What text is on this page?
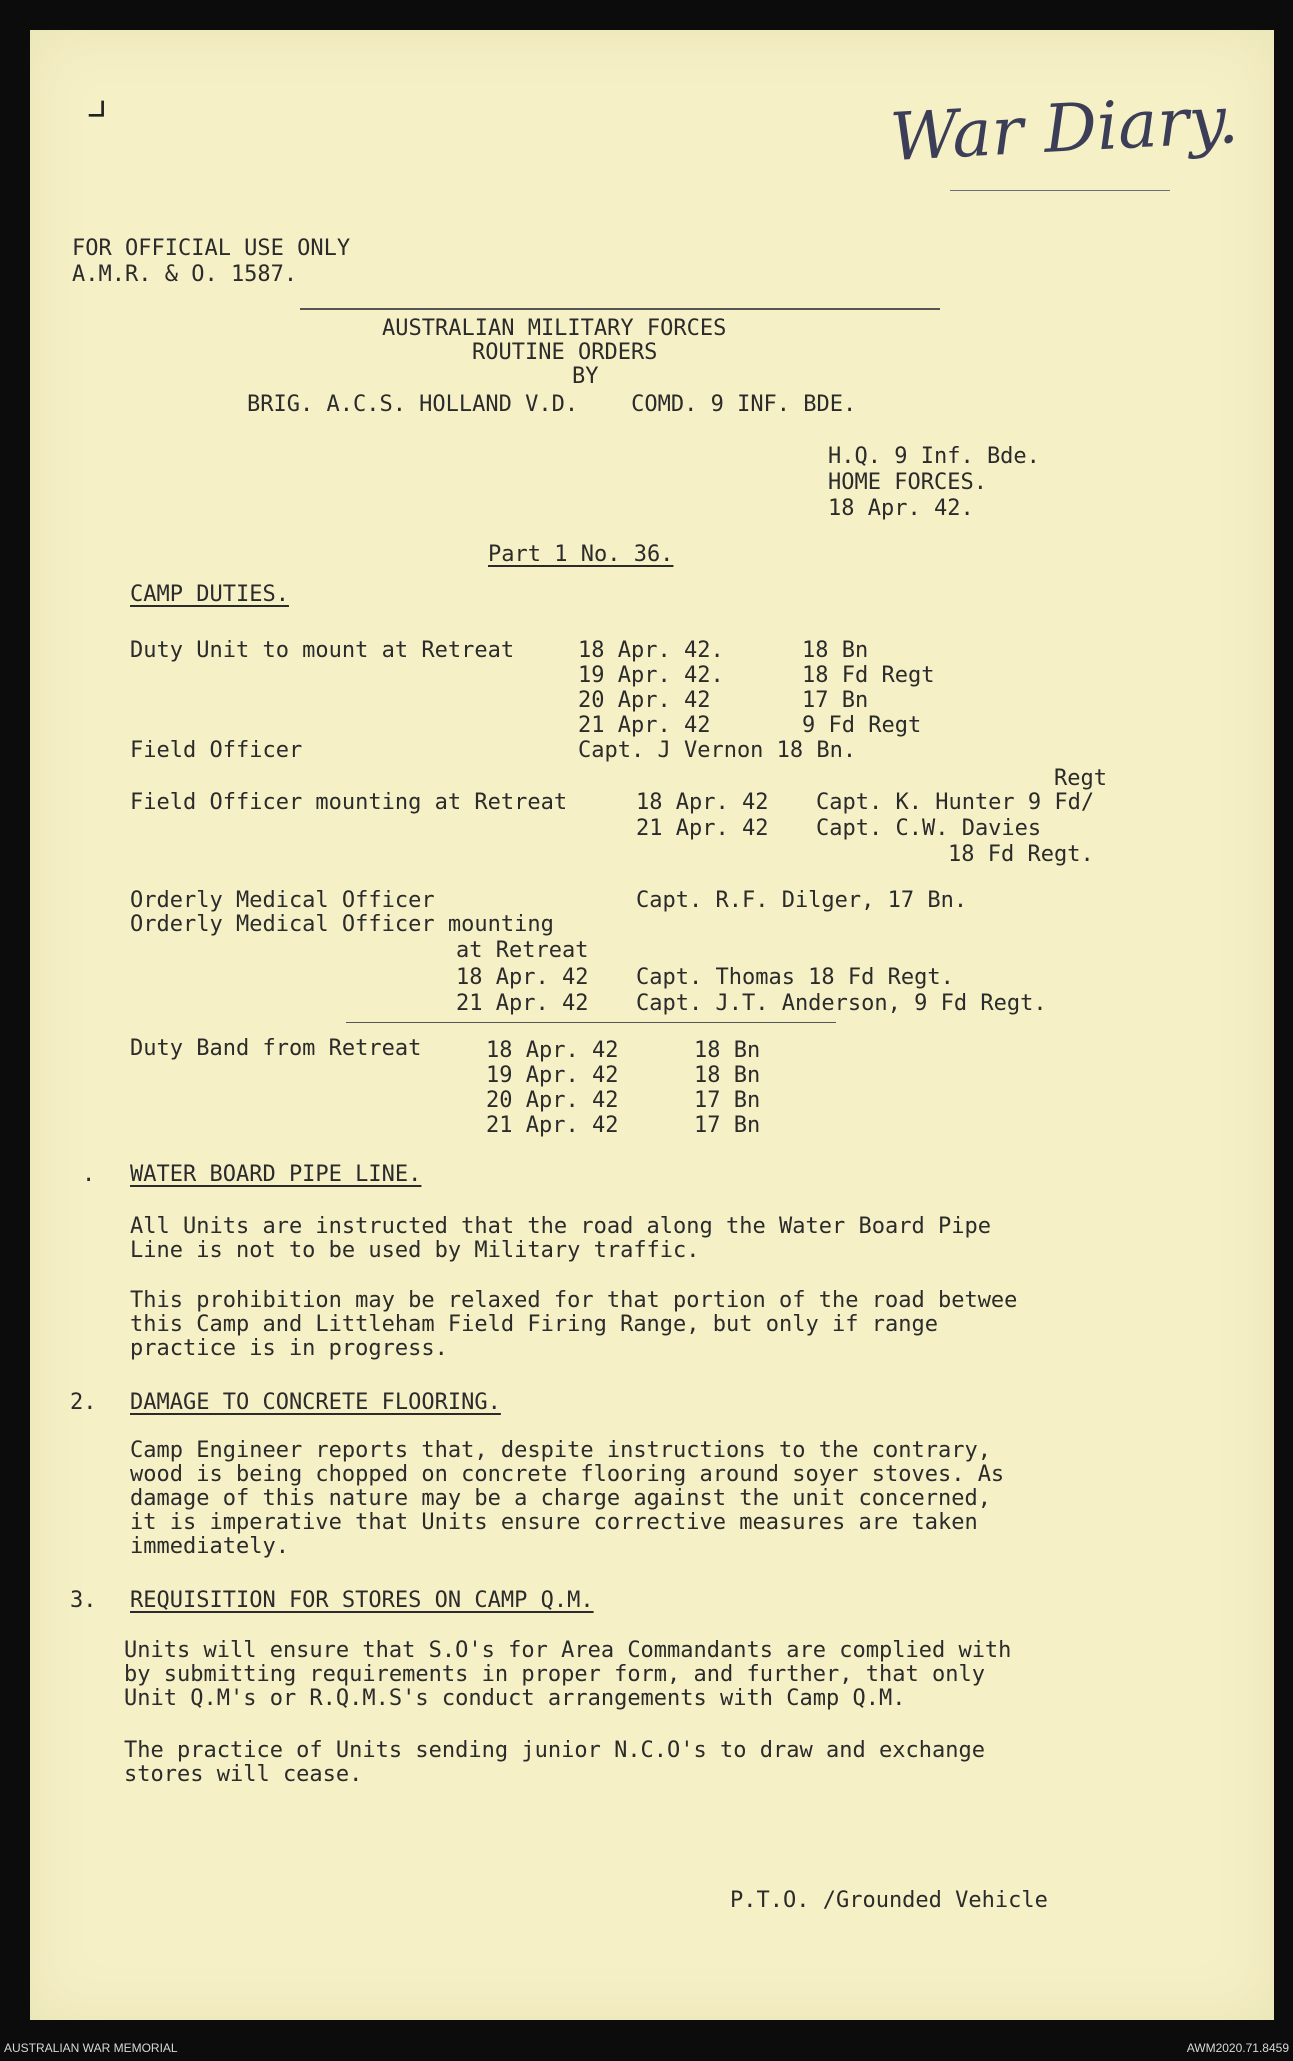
⌟	War Diary.
FOR OFFICIAL USE ONLY
A.M.R. & O. 1587.
AUSTRALIAN MILITARY FORCES
ROUTINE ORDERS
BY
BRIG. A.C.S. HOLLAND V.D.    COMD. 9 INF. BDE.
H.Q. 9 Inf. Bde.
HOME FORCES.
18 Apr. 42.
Part 1 No. 36.
CAMP DUTIES.
Duty Unit to mount at Retreat	18 Apr. 42.	18 Bn
19 Apr. 42.	18 Fd Regt
20 Apr. 42	17 Bn
21 Apr. 42	9 Fd Regt
Field Officer	Capt. J Vernon 18 Bn.
Regt
Field Officer mounting at Retreat	18 Apr. 42 Capt. K. Hunter 9 Fd/
21 Apr. 42 Capt. C.W. Davies
18 Fd Regt.
Orderly Medical Officer	Capt. R.F. Dilger, 17 Bn.
Orderly Medical Officer mounting
at Retreat
18 Apr. 42 Capt. Thomas 18 Fd Regt.
21 Apr. 42 Capt. J.T. Anderson, 9 Fd Regt.
Duty Band from Retreat	18 Apr. 42	18 Bn
19 Apr. 42	18 Bn
20 Apr. 42	17 Bn
21 Apr. 42	17 Bn
. WATER BOARD PIPE LINE.
All Units are instructed that the road along the Water Board Pipe
Line is not to be used by Military traffic.
This prohibition may be relaxed for that portion of the road betwee
this Camp and Littleham Field Firing Range, but only if range
practice is in progress.
2. DAMAGE TO CONCRETE FLOORING.
Camp Engineer reports that, despite instructions to the contrary,
wood is being chopped on concrete flooring around soyer stoves. As
damage of this nature may be a charge against the unit concerned,
it is imperative that Units ensure corrective measures are taken
immediately.
3. REQUISITION FOR STORES ON CAMP Q.M.
Units will ensure that S.O's for Area Commandants are complied with
by submitting requirements in proper form, and further, that only
Unit Q.M's or R.Q.M.S's conduct arrangements with Camp Q.M.
The practice of Units sending junior N.C.O's to draw and exchange
stores will cease.
P.T.O. /Grounded Vehicle
AUSTRALIAN WAR MEMORIAL	AWM2020.71.8459
